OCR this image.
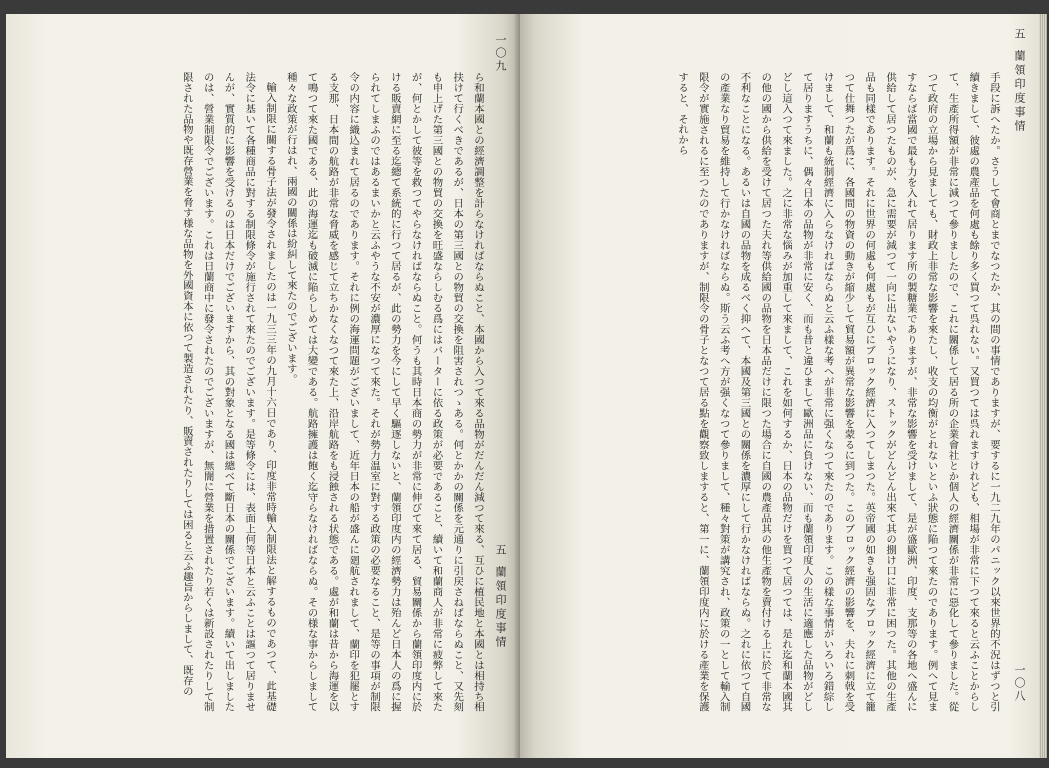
ら和蘭本國との經濟調整を計らなければならぬこと、本國から入つて來る品物がだんだん減つて來る、互ひに植民地と本國とは相持ち相扶けて行くべきであるが、日本の第三國との物貿の交換を阻害されつゝある。何とかかの關係を元通りに引戻さねばならぬこと、又先刻も申上げた第三國との物貿の交換を旺盛ならしむる爲にはバーターに依る政策が必要であること、續いて和蘭商人が非常に疲弊して來たが、何とかして彼等を救つてやらなければならぬこと。何うも其時日本商の勢力が非常に伸びて來て居る、貿易關係から蘭領印度内に於ける販賣網に至る迄總て系統的に行つて居るが、此の勢力を今にして早く驅逐しないと、蘭領印度内の經濟勢力は殆んど日本人の爲に握られてしまふのではあるまいかと云ふやうな不安が濃厚になつて來た。それが勢力温室に對する政策の必要なること、是等の事項が制限令の内容に織込まれて居るのであります。それに例の海運問題がございまして、近年日本の船が盛んに廻航されまして、蘭印を犯罷とする支那、日本間の航路が非常な脅威を感じて立ちかなくなつて來た上、沿岸航路をも浸蝕される状態である。處が和蘭は昔から海運を以て鳴つて來た國である、此の海運迄も破滅に陥らしめては大變である。航路擁護は飽く迄守らなければならぬ。その様な事からしまして種々な政策が行はれ、兩國の關係は紛糾して來たのでございます。

輸入制限に關する骨子法が發令されましたのは一九三三年の九月十六日であり、印度非常時輸入制限法と解するものであつて、此基礎法令に基いて各種商品に對する制限條令が施行されて來たのでございます。是等條令には、表面上何等日本と云ふことは謳つて居りませんが、實質的に影響を受けるのは日本だけでございますから、其の對象となる國は總べて斷日本の關係でございます。續いて出しましたのは、營業制限令でございます。これは日蘭商中に發令されたのでございますが、無闇に營業を措置されたり若くは新設されたりして制限された品物や既存營業を脅す様な品物を外國資本に依つて製造されたり、販賣されたりしては困ると云ふ趣旨からしまして、既存の	五
蘭領印度事情
一〇九
五
蘭領印度事情
一〇八

手段に訴へたか。さうして會商とまでなつたか、其の間の事情でありますが、要するに一九二九年のパニック以來世界的不況はずつと引續きまして、彼處の農產品を何處も餘り多く買つて呉れない。又買つては呉れますけれども、相場が非常に下つて來ると云ふことからして、生產所得額が非常に減つて參りましたので、これに關係して居る所の企業會社とか個人の經濟關係が非常に惡化して參りました。從つて政府の立場から見ましても、財政上非常な影響を來たし、收支の均衡がとれないといふ狀態に陥つて來たのであります。例へて見ますならば當國で最も力を入れて居ります所の製糖業でありますが、非常な影響を受けまして、是が盛歐洲、印度、支那等の各地へ盛んに供給して居つたものが、急に需要が減つて一向に出ないやうになり、ストックがどんどん出來て其の捌け口に非常に困つた。其他の生產品も同樣であります。それに世界の何處も何處もが互ひにブロック經濟に入つてしまつた。英帝國の如きも强固なブロック經濟に立て籠つて仕舞つたが爲に、各國間の物資の動きが縮少して貿易額が異常な影響を蒙るに到つた。このブロック經濟の影響を、夫れに刺戟を受けまして、和蘭も統制經濟に入らなければならぬと云ふ樣な考へが非常に强くなつて來たのであります。この樣な事情がいろいろ錯綜して居りますうちに、偶々日本の品物が非常に安く、而も昔と違ひまして歐洲品に負けない、而も蘭領印度人の生活に適應した品物がどしどし這入つて來ました。之に非常な惱みが加重して來まして、これを如何するか、日本の品物だけを買つて居つては、是れ迄和蘭本國其の他の國から供給を受けて居つた夫れ等供給國の品物を日本品だけに限つた場合に自國の農產品其の他生產物を賣付ける上に於て非常な不利なことになる。あるいは自國の品物を成るべく抑へて、本國及第三國との關係を濃厚にして行かなければならぬ。之れに依つて自國の產業なり貿易を維持して行かなければならぬ。斯う云ふ考へ方が强くなつて參りまして、種々對策が講究され、政策の一として輸入制限令が實施されるに至つたのでありますが、制限令の骨子となつて居る點を觀察致しますると、第一に、蘭領印度内に於ける產業を保護すると、それから
